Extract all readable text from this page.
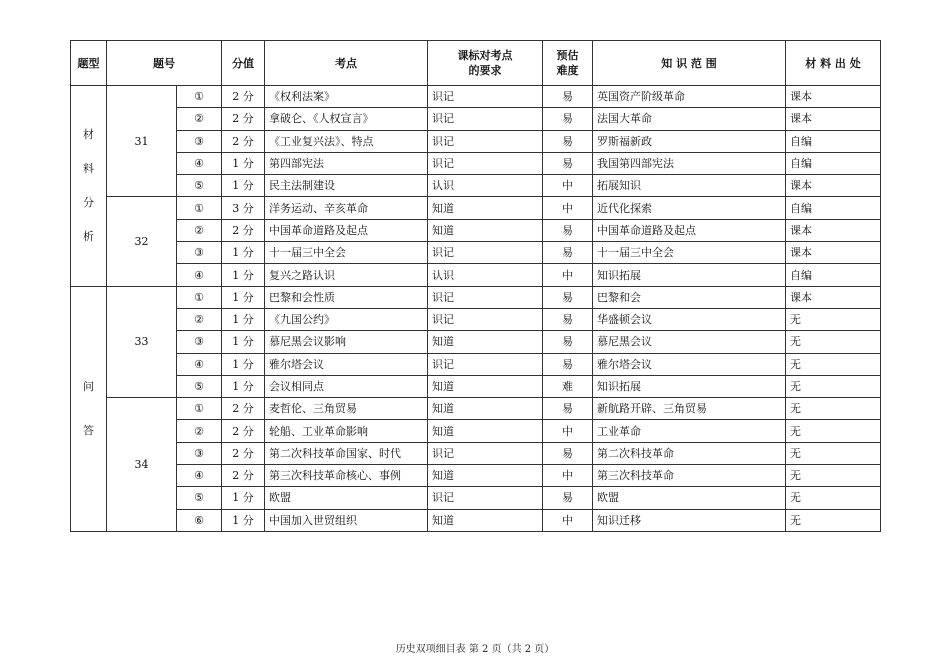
题型	题号		分值	考点	课标对考点的要求	预估难度	知 识 范 围	材 料 出 处

材
料
分
析	31	①	2 分	《权利法案》	识记	易	英国资产阶级革命	课本
		②	2 分	拿破仑、《人权宣言》	识记	易	法国大革命	课本
		③	2 分	《工业复兴法》、特点	识记	易	罗斯福新政	自编
		④	1 分	第四部宪法	识记	易	我国第四部宪法	自编
		⑤	1 分	民主法制建设	认识	中	拓展知识	课本
	32	①	3 分	洋务运动、辛亥革命	知道	中	近代化探索	自编
		②	2 分	中国革命道路及起点	知道	易	中国革命道路及起点	课本
		③	1 分	十一届三中全会	识记	易	十一届三中全会	课本
		④	1 分	复兴之路认识	认识	中	知识拓展	自编

问
答	33	①	1 分	巴黎和会性质	识记	易	巴黎和会	课本
		②	1 分	《九国公约》	识记	易	华盛顿会议	无
		③	1 分	慕尼黑会议影响	知道	易	慕尼黑会议	无
		④	1 分	雅尔塔会议	识记	易	雅尔塔会议	无
		⑤	1 分	会议相同点	知道	难	知识拓展	无
	34	①	2 分	麦哲伦、三角贸易	知道	易	新航路开辟、三角贸易	无
		②	2 分	轮船、工业革命影响	知道	中	工业革命	无
		③	2 分	第二次科技革命国家、时代	识记	易	第二次科技革命	无
		④	2 分	第三次科技革命核心、事例	知道	中	第三次科技革命	无
		⑤	1 分	欧盟	识记	易	欧盟	无
		⑥	1 分	中国加入世贸组织	知道	中	知识迁移	无
历史双项细目表 第 2 页（共 2 页）
